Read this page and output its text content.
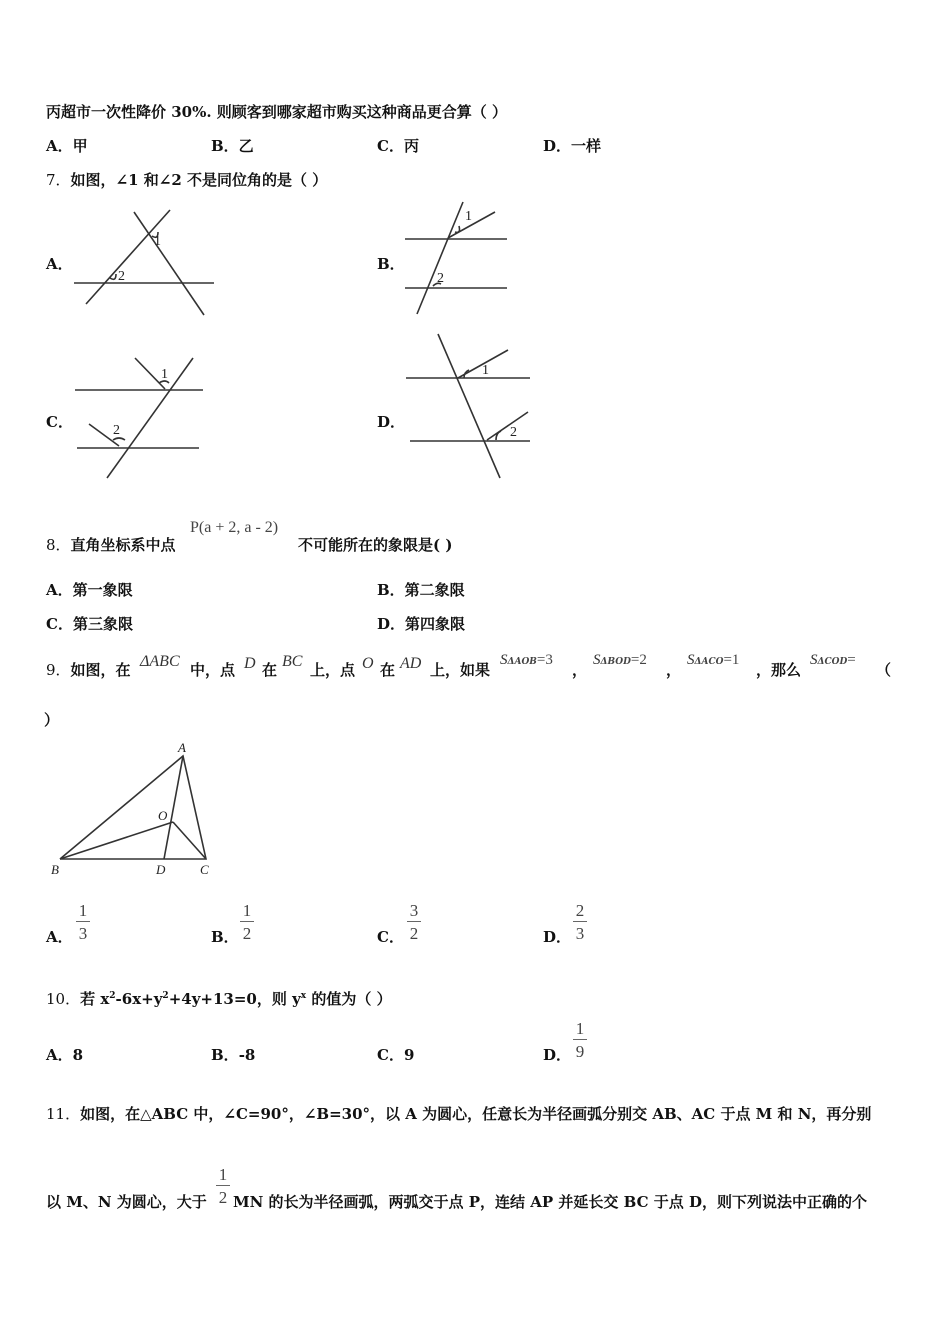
丙超市一次性降价 30%. 则顾客到哪家超市购买这种商品更合算（ ）
A．甲	B．乙	C．丙	D．一样
7．如图，∠1 和∠2 不是同位角的是（ ）
A．
1
2
B．
1
2
C．
1
2	D．
1
2
8．直角坐标系中点
P(a + 2, a - 2)
不可能所在的象限是( )
A．第一象限	B．第二象限
C．第三象限	D．第四象限
9．如图，在 ΔABC 中，点 D 在 BC 上，点 O 在 AD 上，如果
SΔAOB=3
，
SΔBOD=2
，
SΔACO=1
，那么
SΔCOD=
（
）
A
O
B	D	C
A．
1
3	B．
1
2	C．
3
2	D．
2
3
10．若 $x^2-6x+y^2+4y+13=0$，则 $y^x$ 的值为（ ）
A．8	B．-8	C．9	D．
1
9
11．如图，在△ABC 中，∠C=90°，∠B=30°，以 A 为圆心，任意长为半径画弧分别交 AB、AC 于点 M 和 N，再分别
以 M、N 为圆心，大于
1
2 MN 的长为半径画弧，两弧交于点 P，连结 AP 并延长交 BC 于点 D，则下列说法中正确的个
